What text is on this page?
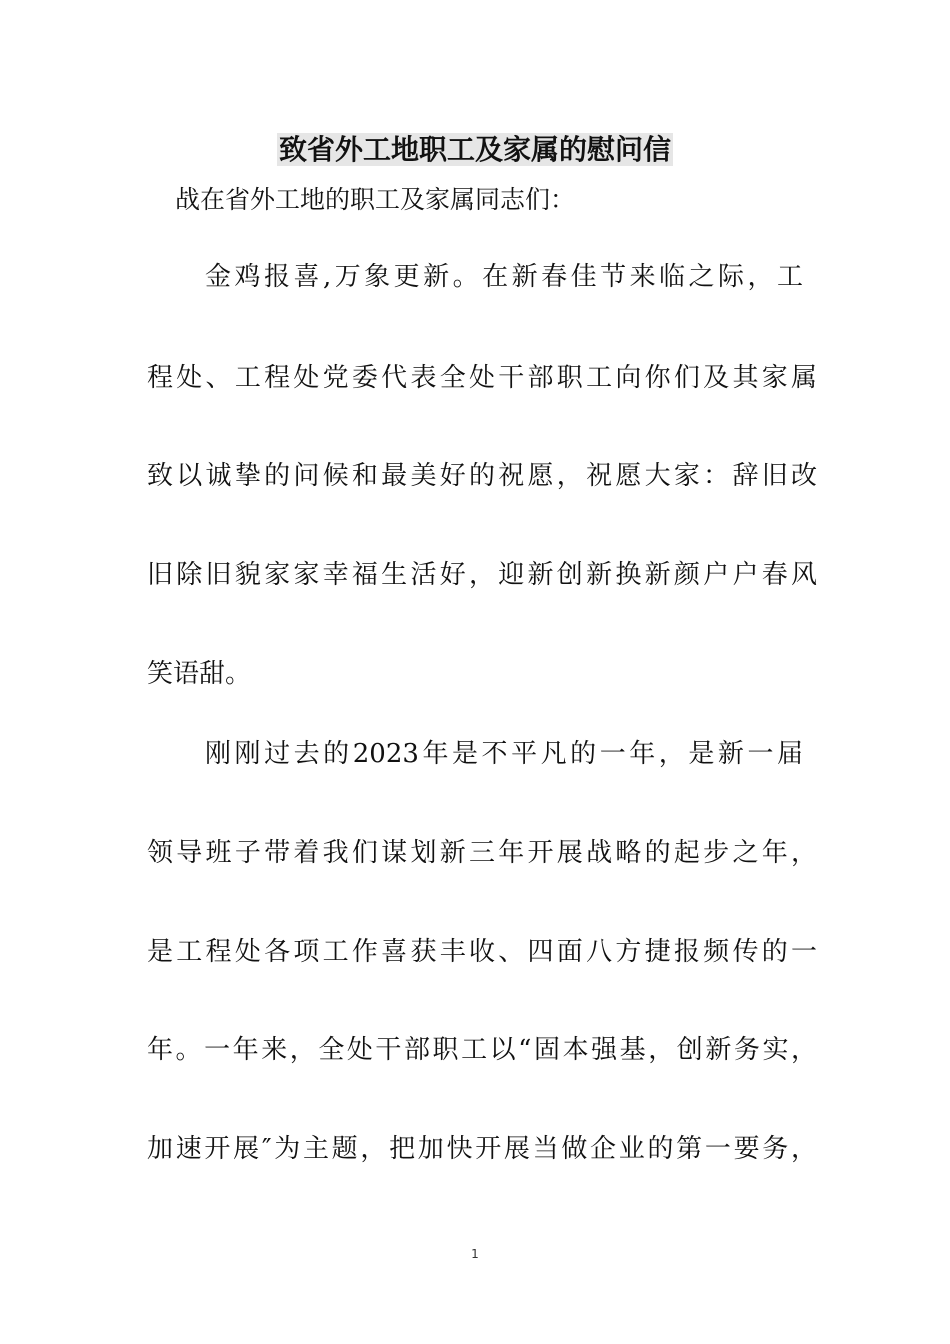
致省外工地职工及家属的慰问信

战在省外工地的职工及家属同志们：

金鸡报喜,万象更新。在新春佳节来临之际，工

程处、工程处党委代表全处干部职工向你们及其家属

致以诚挚的问候和最美好的祝愿，祝愿大家：辞旧改

旧除旧貌家家幸福生活好，迎新创新换新颜户户春风

笑语甜。

刚刚过去的2023年是不平凡的一年，是新一届

领导班子带着我们谋划新三年开展战略的起步之年，

是工程处各项工作喜获丰收、四面八方捷报频传的一

年。一年来，全处干部职工以“固本强基，创新务实，

加速开展″为主题，把加快开展当做企业的第一要务，

1
